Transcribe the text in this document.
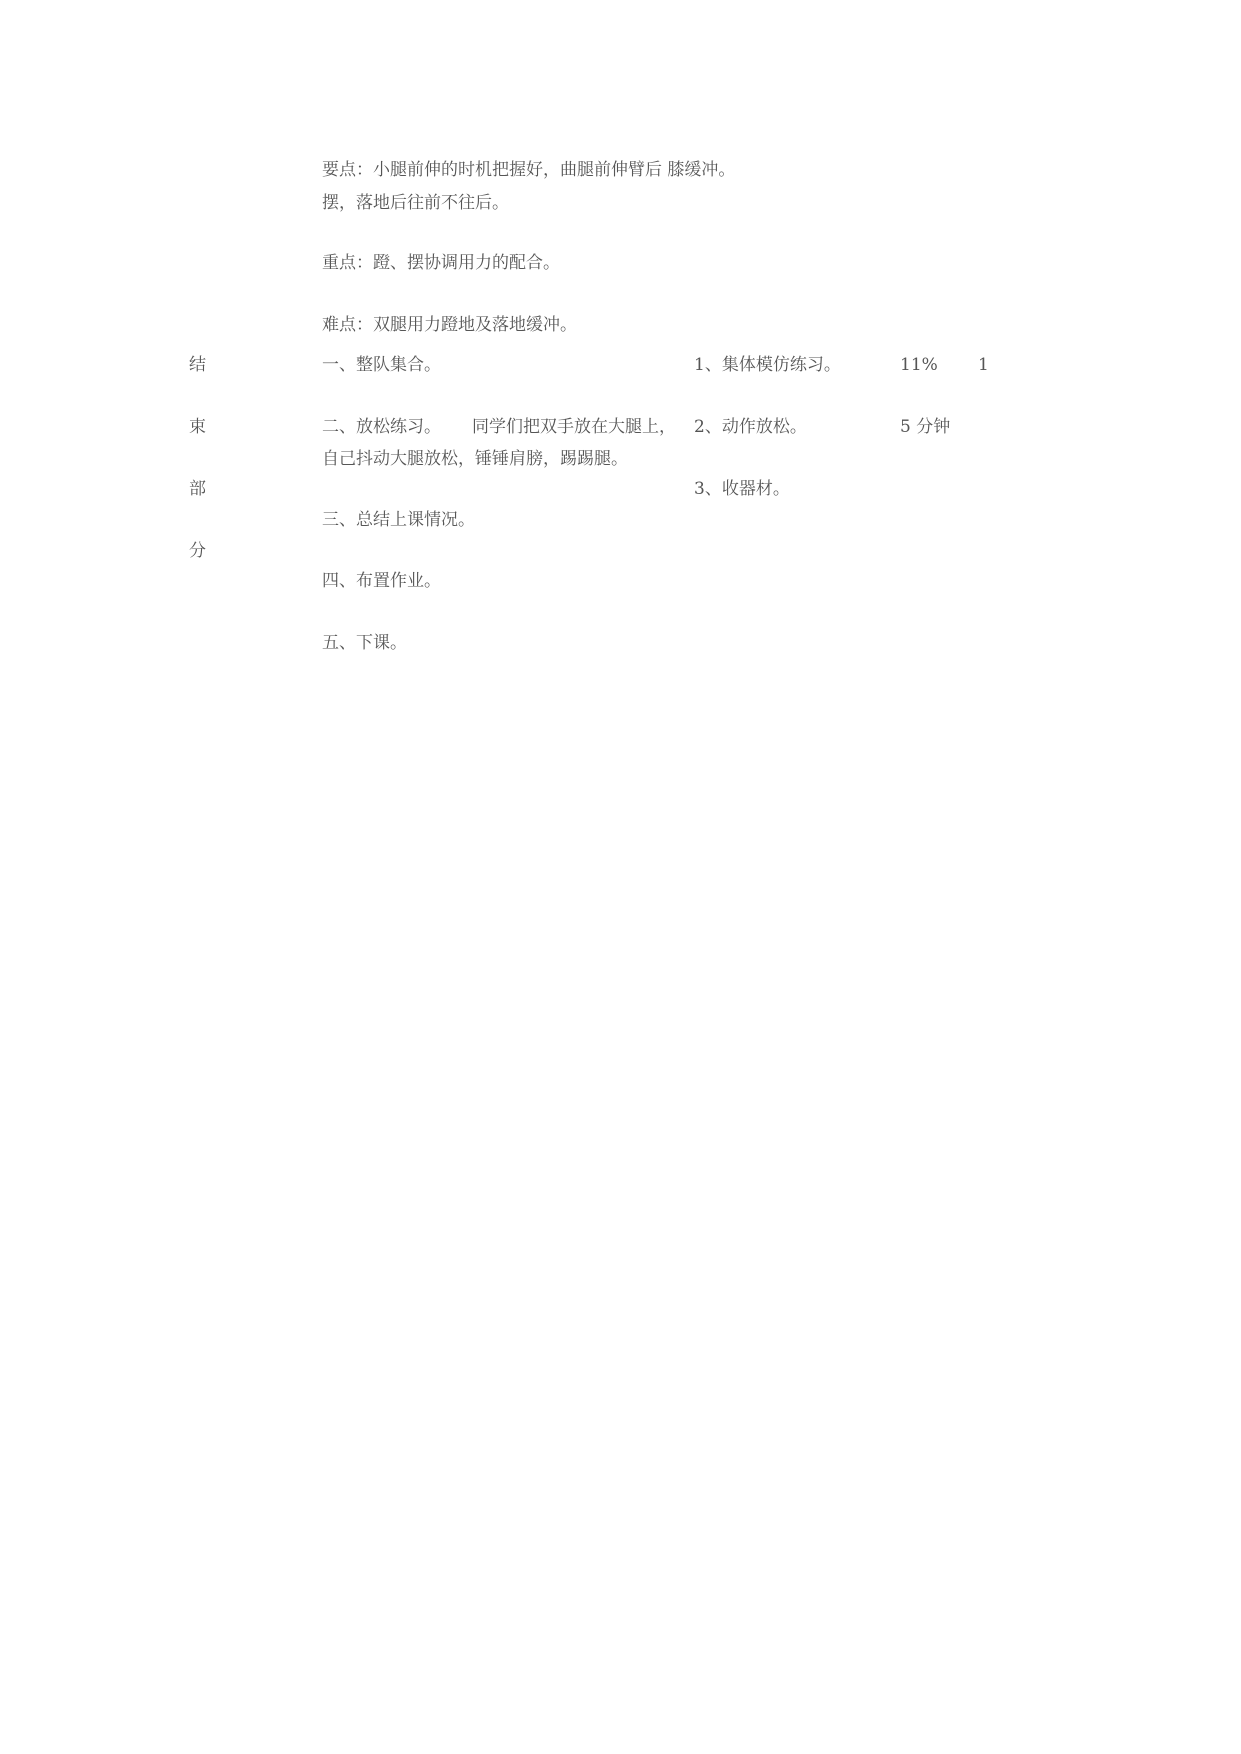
要点：小腿前伸的时机把握好，曲腿前伸臂后 膝缓冲。
摆，落地后往前不往后。
重点：蹬、摆协调用力的配合。
难点：双腿用力蹬地及落地缓冲。
结
束
部
分
一、整队集合。
二、放松练习。 同学们把双手放在大腿上，
自己抖动大腿放松，锤锤肩膀，踢踢腿。
三、总结上课情况。
四、布置作业。
五、下课。
1、集体模仿练习。
2、动作放松。
3、收器材。
11% 1
5 分钟
